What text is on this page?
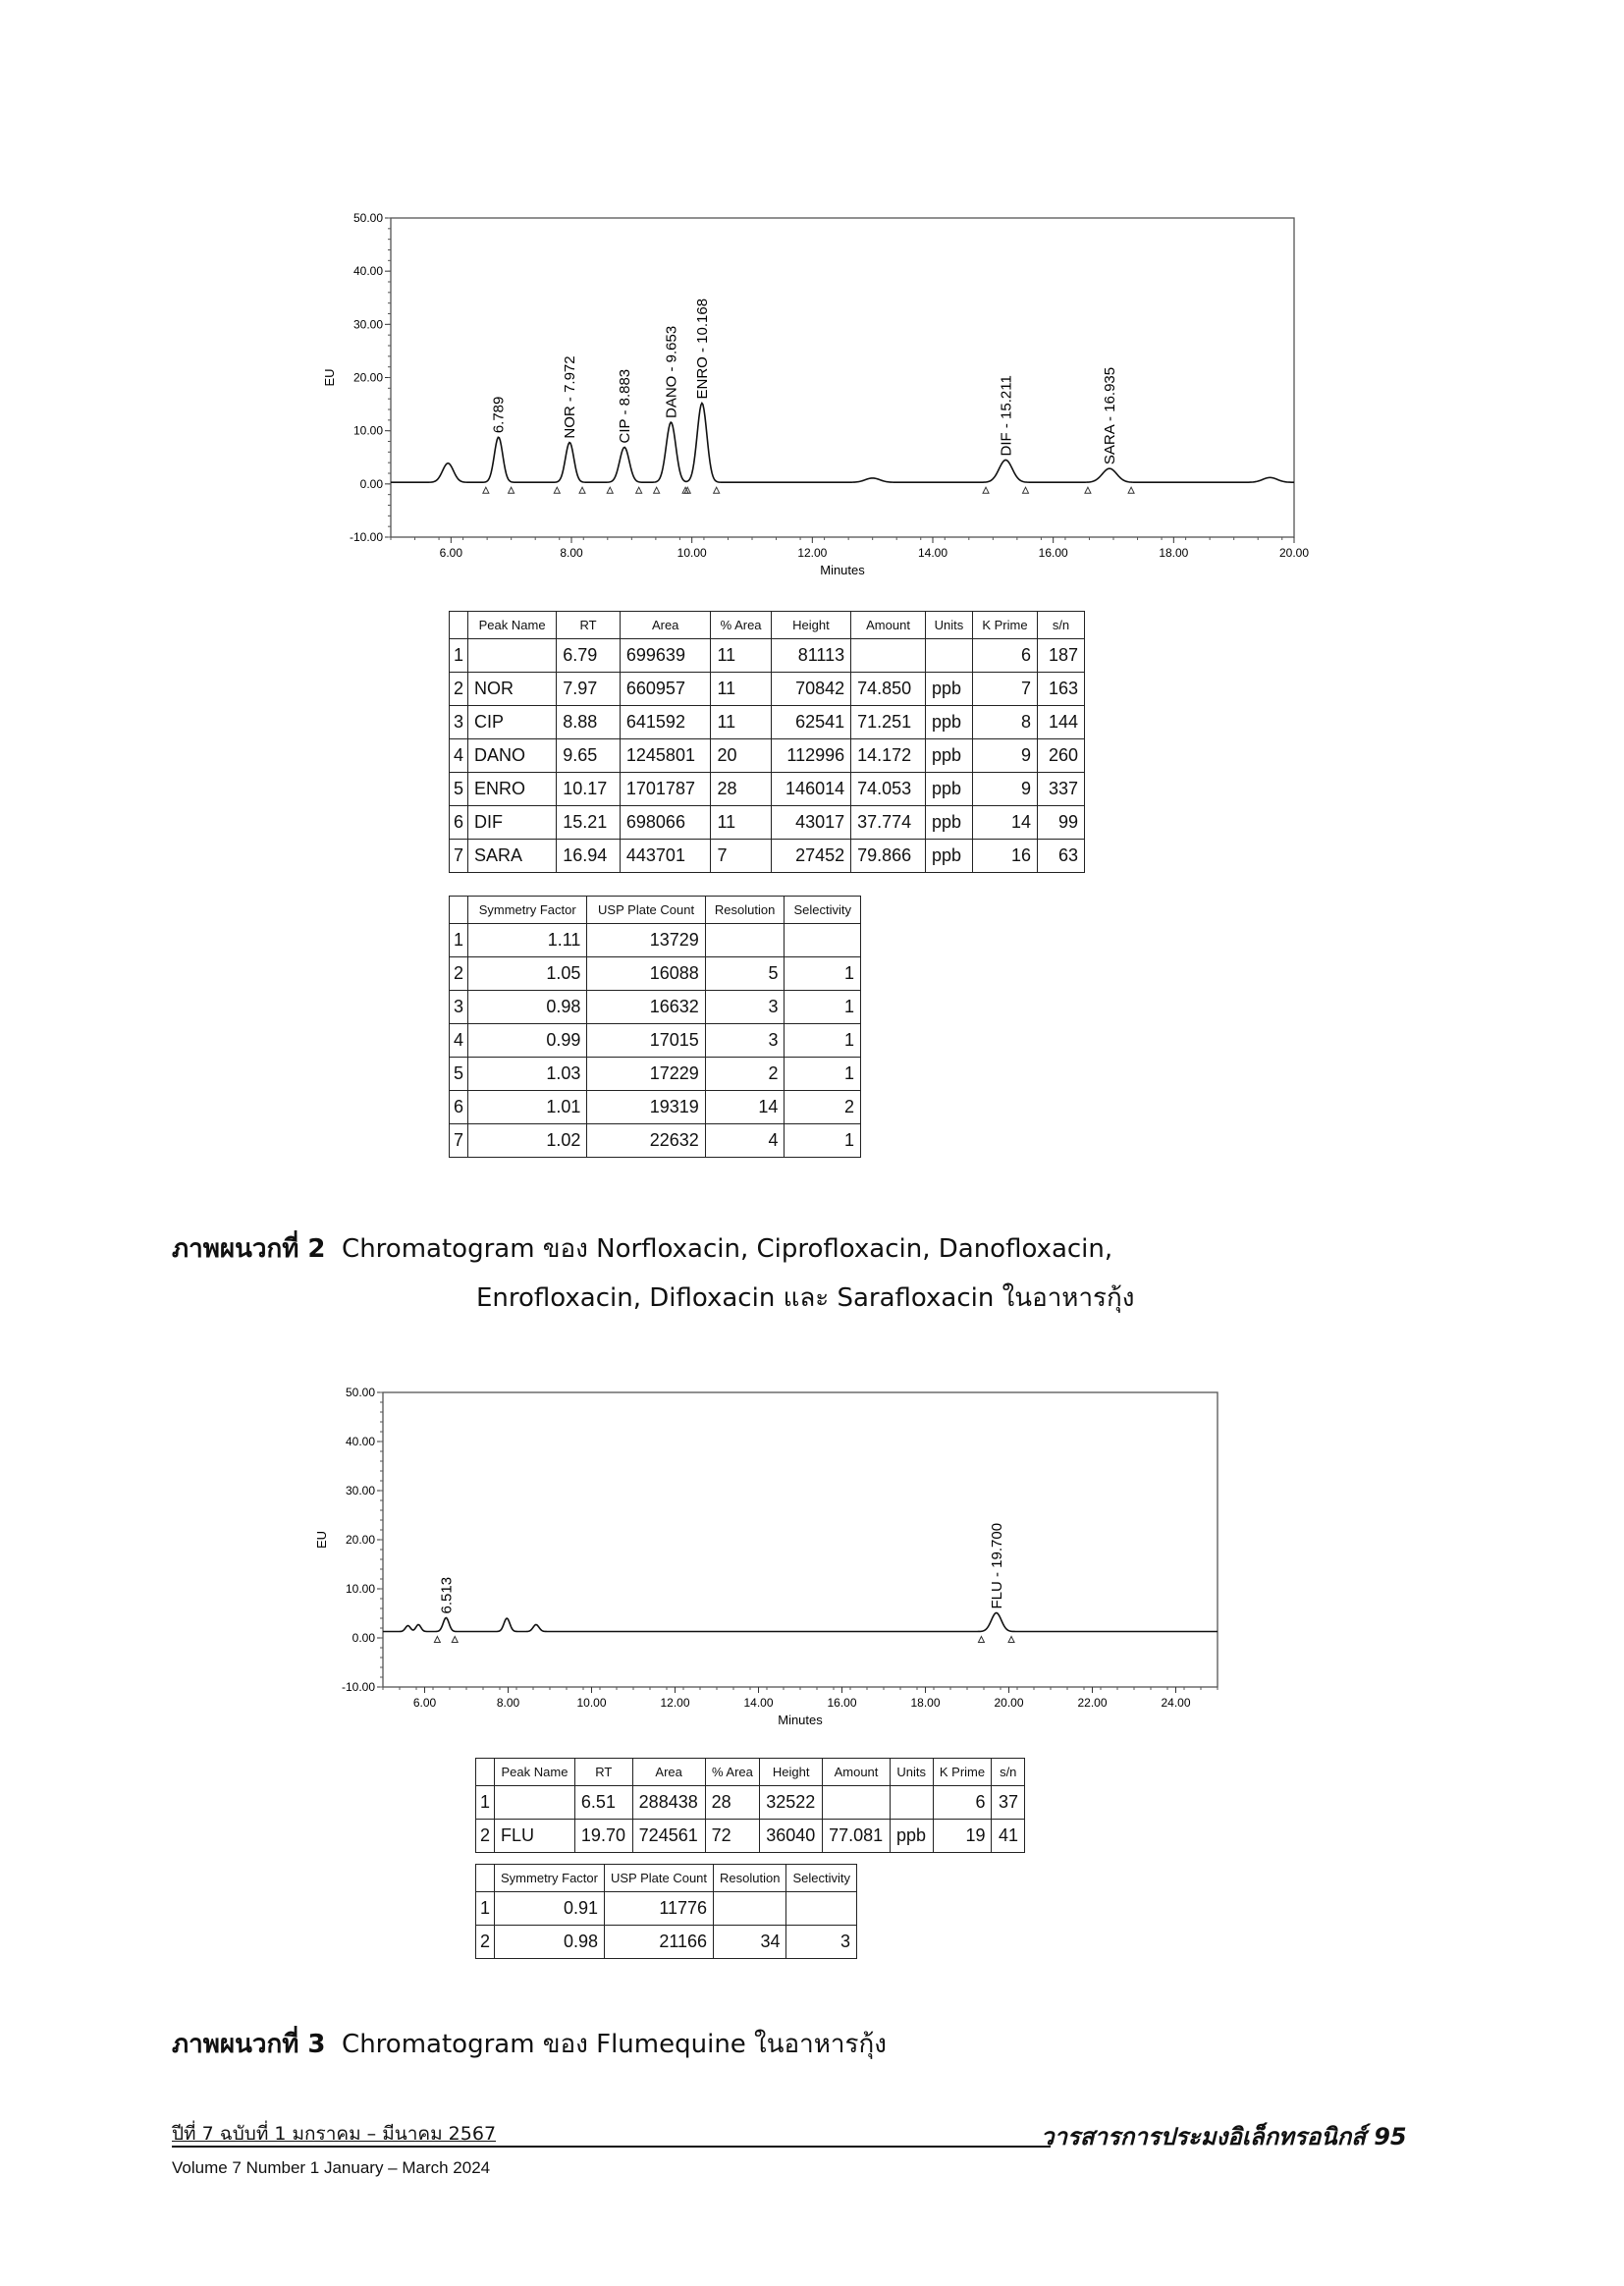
-10.00
0.00
10.00
20.00
30.00
40.00
50.00
6.00	8.00	10.00	12.00	14.00	16.00	18.00	20.00
Minutes
EU
6.789	NOR - 7.972	CIP - 8.883 DANO - 9.653 ENRO - 10.168
DIF - 15.211	SARA - 16.935
	Peak Name	RT	Area	% Area	Height	Amount	Units	K Prime	s/n
1		6.79	699639	11	81113			6	187
2	NOR	7.97	660957	11	70842	74.850	ppb	7	163
3	CIP	8.88	641592	11	62541	71.251	ppb	8	144
4	DANO	9.65	1245801	20	112996	14.172	ppb	9	260
5	ENRO	10.17	1701787	28	146014	74.053	ppb	9	337
6	DIF	15.21	698066	11	43017	37.774	ppb	14	99
7	SARA	16.94	443701	7	27452	79.866	ppb	16	63
	Symmetry Factor	USP Plate Count	Resolution	Selectivity
1	1.11	13729		
2	1.05	16088	5	1
3	0.98	16632	3	1
4	0.99	17015	3	1
5	1.03	17229	2	1
6	1.01	19319	14	2
7	1.02	22632	4	1
ภาพผนวกที่ 2 Chromatogram ของ Norfloxacin, Ciprofloxacin, Danofloxacin,
Enrofloxacin, Difloxacin และ Sarafloxacin ในอาหารกุ้ง
-10.00
0.00
10.00
20.00
30.00
40.00
50.00
6.00	8.00	10.00	12.00	14.00	16.00	18.00	20.00	22.00	24.00
Minutes
EU
6.513	FLU - 19.700
	Peak Name	RT	Area	% Area	Height	Amount	Units	K Prime	s/n
1		6.51	288438	28	32522			6	37
2	FLU	19.70	724561	72	36040	77.081	ppb	19	41
	Symmetry Factor	USP Plate Count	Resolution	Selectivity
1	0.91	11776		
2	0.98	21166	34	3
ภาพผนวกที่ 3 Chromatogram ของ Flumequine ในอาหารกุ้ง
ปีที่ 7 ฉบับที่ 1 มกราคม – มีนาคม 2567	วารสารการประมงอิเล็กทรอนิกส์ 95
Volume 7 Number 1 January – March 2024
